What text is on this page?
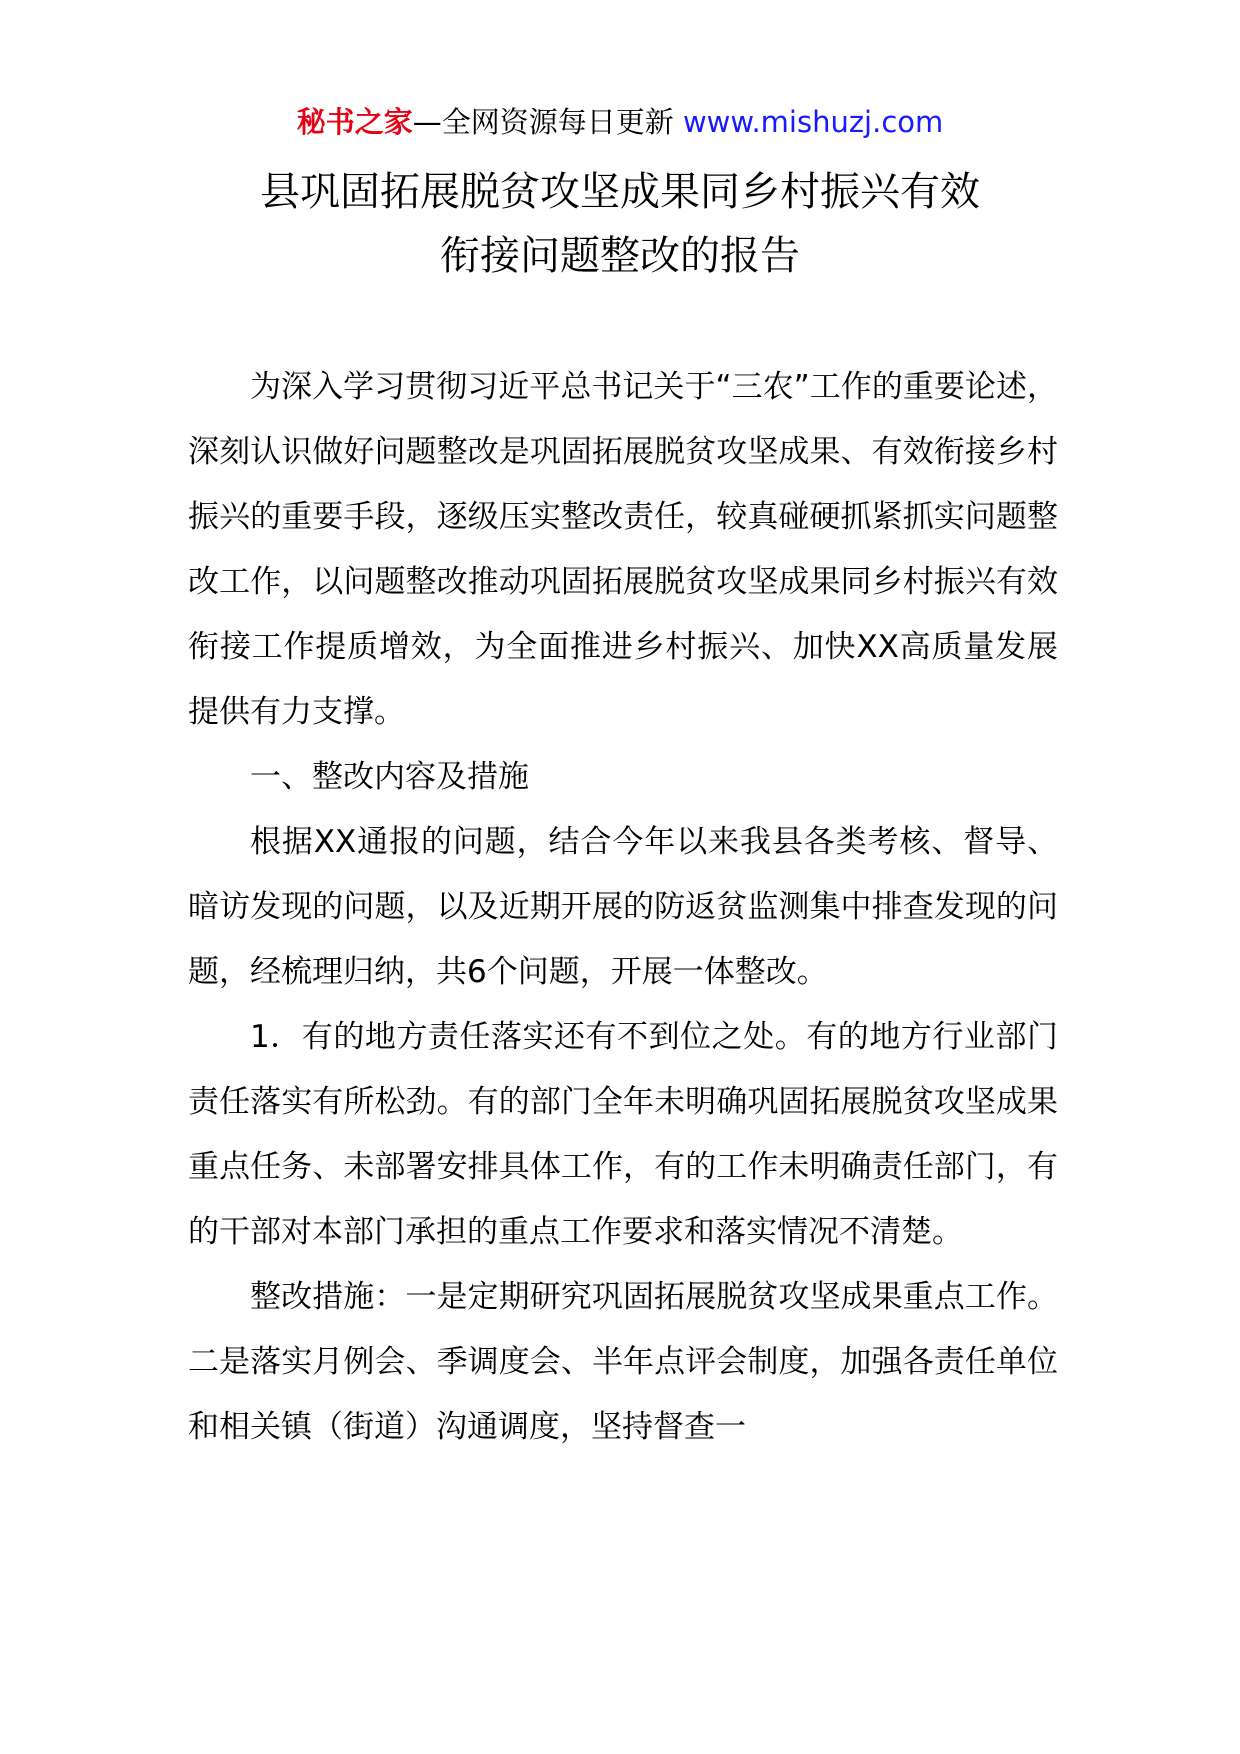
秘书之家—全网资源每日更新 www.mishuzj.com
县巩固拓展脱贫攻坚成果同乡村振兴有效
衔接问题整改的报告

为深入学习贯彻习近平总书记关于“三农”工作的重要论述，深刻认识做好问题整改是巩固拓展脱贫攻坚成果、有效衔接乡村振兴的重要手段，逐级压实整改责任，较真碰硬抓紧抓实问题整改工作，以问题整改推动巩固拓展脱贫攻坚成果同乡村振兴有效衔接工作提质增效，为全面推进乡村振兴、加快XX高质量发展提供有力支撑。

一、整改内容及措施

根据XX通报的问题，结合今年以来我县各类考核、督导、暗访发现的问题，以及近期开展的防返贫监测集中排查发现的问题，经梳理归纳，共6个问题，开展一体整改。

1．有的地方责任落实还有不到位之处。有的地方行业部门责任落实有所松劲。有的部门全年未明确巩固拓展脱贫攻坚成果重点任务、未部署安排具体工作，有的工作未明确责任部门，有的干部对本部门承担的重点工作要求和落实情况不清楚。

整改措施：一是定期研究巩固拓展脱贫攻坚成果重点工作。二是落实月例会、季调度会、半年点评会制度，加强各责任单位和相关镇（街道）沟通调度，坚持督查一
